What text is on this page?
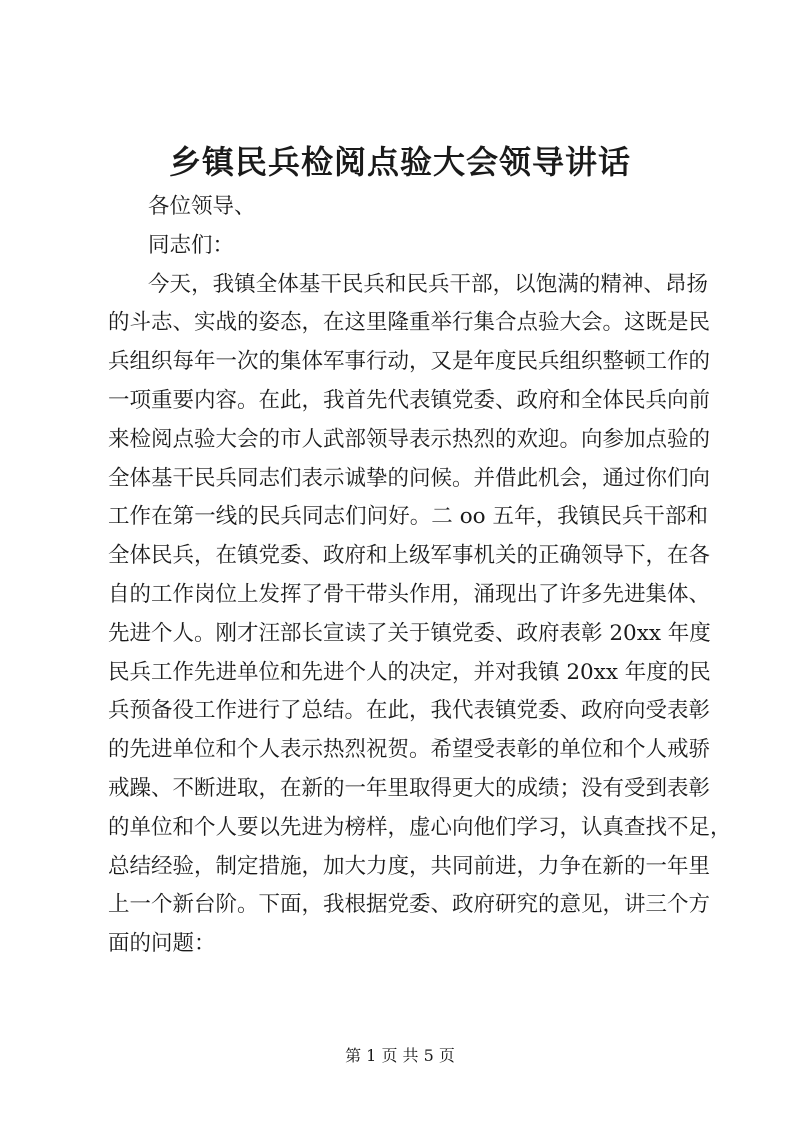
乡镇民兵检阅点验大会领导讲话
各位领导、
同志们：
今天，我镇全体基干民兵和民兵干部，以饱满的精神、昂扬
的斗志、实战的姿态，在这里隆重举行集合点验大会。这既是民
兵组织每年一次的集体军事行动，又是年度民兵组织整顿工作的
一项重要内容。在此，我首先代表镇党委、政府和全体民兵向前
来检阅点验大会的市人武部领导表示热烈的欢迎。向参加点验的
全体基干民兵同志们表示诚挚的问候。并借此机会，通过你们向
工作在第一线的民兵同志们问好。二 oo 五年，我镇民兵干部和
全体民兵，在镇党委、政府和上级军事机关的正确领导下，在各
自的工作岗位上发挥了骨干带头作用，涌现出了许多先进集体、
先进个人。刚才汪部长宣读了关于镇党委、政府表彰 20xx 年度
民兵工作先进单位和先进个人的决定，并对我镇 20xx 年度的民
兵预备役工作进行了总结。在此，我代表镇党委、政府向受表彰
的先进单位和个人表示热烈祝贺。希望受表彰的单位和个人戒骄
戒躁、不断进取，在新的一年里取得更大的成绩；没有受到表彰
的单位和个人要以先进为榜样，虚心向他们学习，认真查找不足，
总结经验，制定措施，加大力度，共同前进，力争在新的一年里
上一个新台阶。下面，我根据党委、政府研究的意见，讲三个方
面的问题：
第 1 页 共 5 页
